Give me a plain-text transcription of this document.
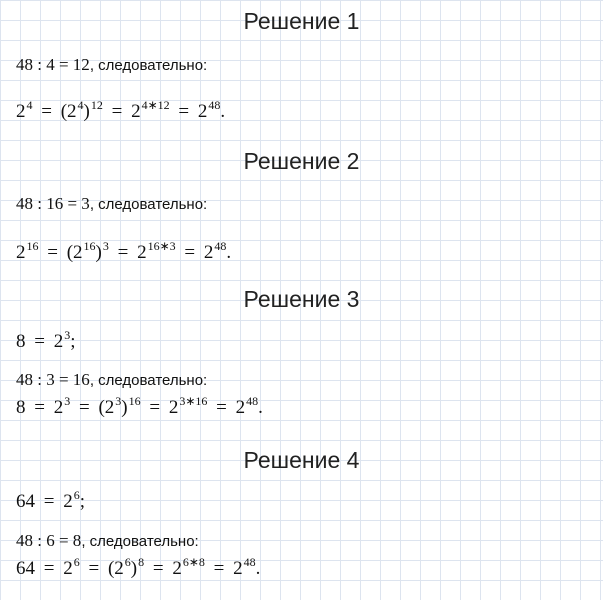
Решение 1
48 : 4 = 12, следовательно:
$2^4 = (2^4)^{12} = 2^{4∗12} = 2^{48}$.
Решение 2
48 : 16 = 3, следовательно:
$2^{16} = (2^{16})^3 = 2^{16∗3} = 2^{48}$.
Решение 3
$8 = 2^3$;
48 : 3 = 16, следовательно:
$8 = 2^3 = (2^3)^{16} = 2^{3∗16} = 2^{48}$.
Решение 4
$64 = 2^6$;
48 : 6 = 8, следовательно:
$64 = 2^6 = (2^6)^8 = 2^{6∗8} = 2^{48}$.
